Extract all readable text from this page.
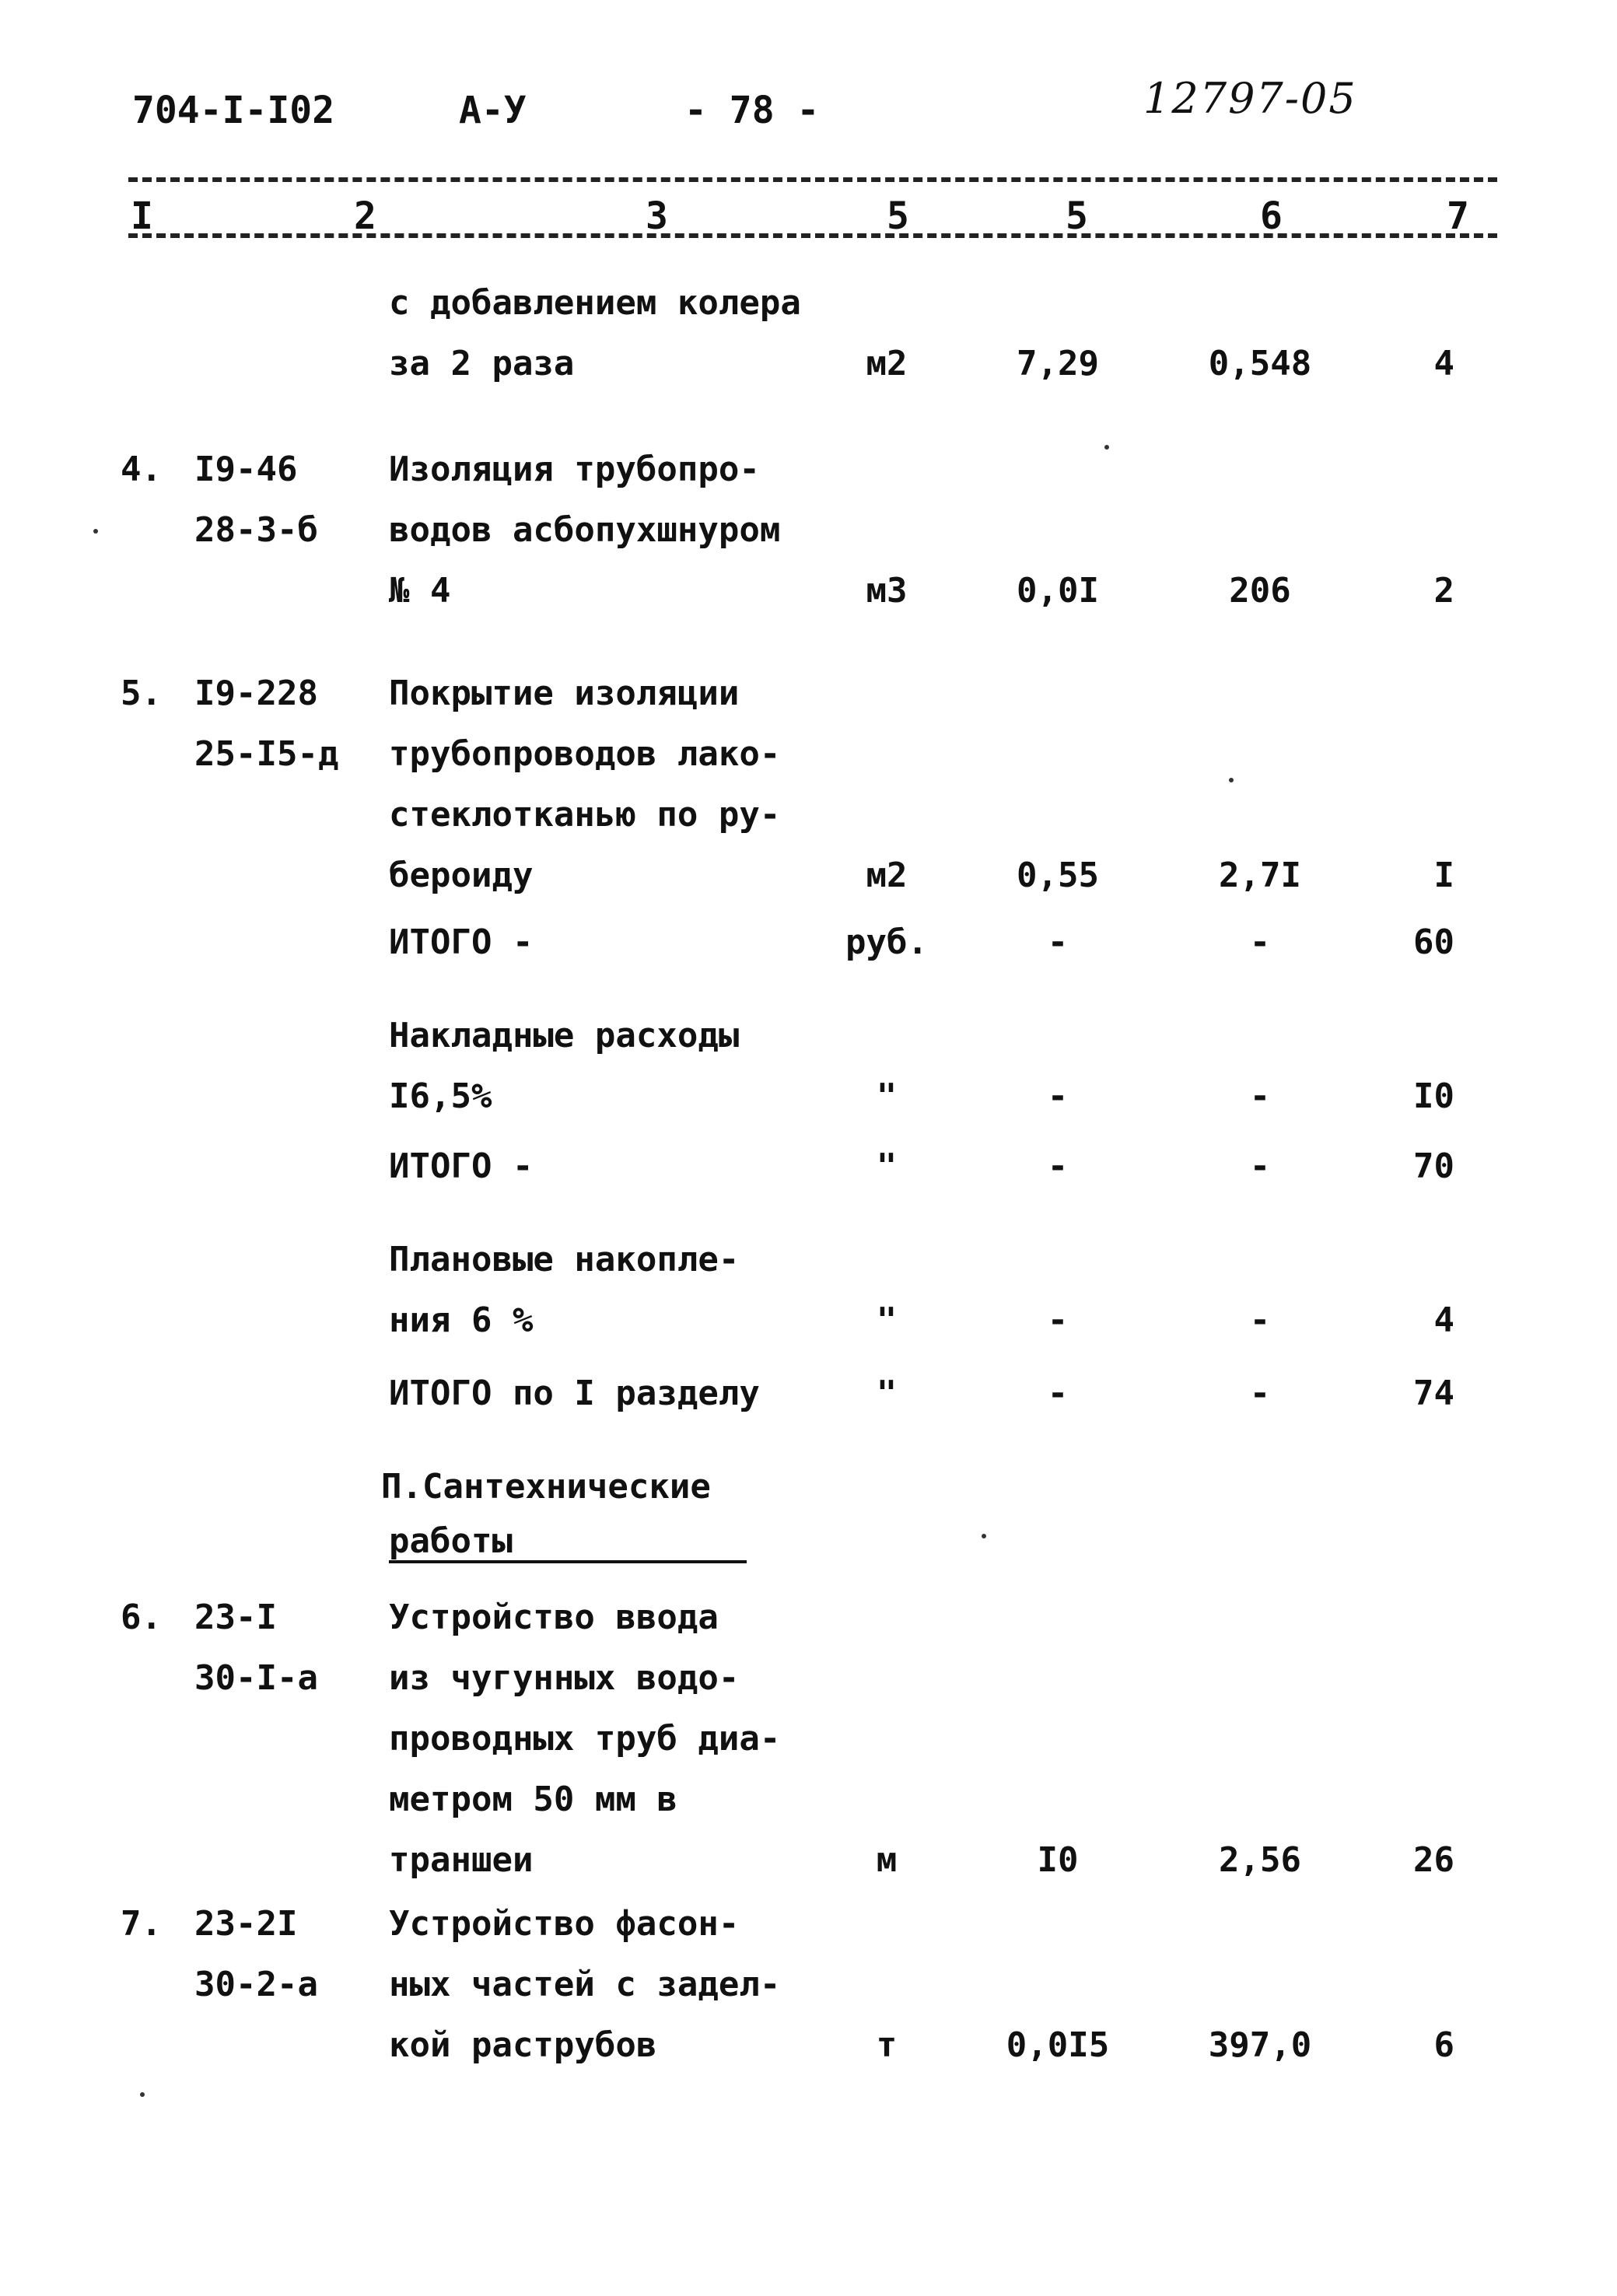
704-I-I02	А-У	- 78 -	12797-05
I	2	3	5	5	6	7
с добавлением колера
за 2 раза	м2	7,29	0,548	4
4. I9-46
28-3-б
Изоляция трубопро-
водов асбопухшнуром
№ 4	м3	0,0I	206	2
5. I9-228
25-I5-д
Покрытие изоляции
трубопроводов лако-
стеклотканью по ру-
бероиду	м2	0,55	2,7I	I
ИТОГО -	руб.	-	-	60
Накладные расходы
I6,5%	"	-	-	I0
ИТОГО -	"	-	-	70
Плановые накопле-
ния 6 %	"	-	-	4
ИТОГО по I разделу	"	-	-	74
П.Сантехнические
работы
6. 23-I
30-I-а
Устройство ввода
из чугунных водо-
проводных труб диа-
метром 50 мм в
траншеи	м	I0	2,56	26
7. 23-2I
30-2-а
Устройство фасон-
ных частей с задел-
кой раструбов	т	0,0I5	397,0	6
